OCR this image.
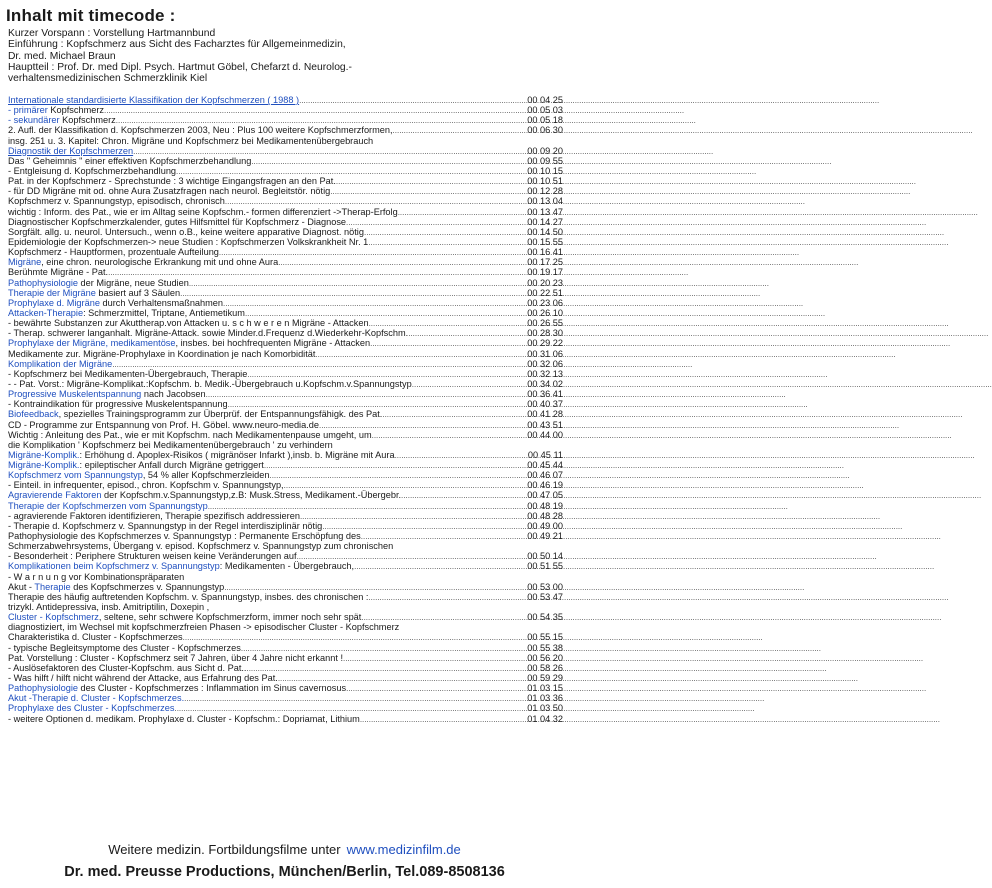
Inhalt mit timecode :
Kurzer Vorspann : Vorstellung Hartmannbund
Einführung : Kopfschmerz aus Sicht des Facharztes für Allgemeinmedizin,
Dr. med. Michael Braun
Hauptteil : Prof. Dr. med Dipl. Psych. Hartmut Göbel, Chefarzt d. Neurolog.-
verhaltensmedizinischen Schmerzklinik Kiel
Internationale standardisierte Klassifikation der Kopfschmerzen ( 1988 ) .....	00 04 25
- primärer Kopfschmerz .....	00 05 03
- sekundärer Kopfschmerz .....	00 05 18
2. Aufl. der Klassifikation d. Kopfschmerzen 2003, Neu : Plus 100 weitere Kopfschmerzformen, .....	00 06 30
insg. 251 u. 3. Kapitel: Chron. Migräne und Kopfschmerz bei Medikamentenübergebrauch
Diagnostik der Kopfschmerzen .....	00 09 20
Das " Geheimnis " einer effektiven Kopfschmerzbehandlung .....	00 09 55
- Entgleisung d. Kopfschmerzbehandlung .....	00 10 15
Pat. in der Kopfschmerz - Sprechstunde : 3 wichtige Eingangsfragen an den Pat. .....	00 10 51
- für DD Migräne mit od. ohne Aura Zusatzfragen nach neurol. Begleitstör. nötig .....	00 12 28
Kopfschmerz v. Spannungstyp, episodisch, chronisch .....	00 13 04
wichtig : Inform. des Pat., wie er im Alltag seine Kopfschm.- formen differenziert ->Therap-Erfolg .....	00 13 47
Diagnostischer Kopfschmerzkalender, gutes Hilfsmittel für Kopfschmerz - Diagnose .....	00 14 27
Sorgfält. allg. u. neurol. Untersuch., wenn o.B., keine weitere apparative Diagnost. nötig .....	00 14 50
Epidemiologie der Kopfschmerzen-> neue Studien : Kopfschmerzen Volkskrankheit Nr. 1 .....	00 15 55
Kopfschmerz - Hauptformen, prozentuale Aufteilung .....	00 16 41
Migräne, eine chron. neurologische Erkrankung mit und ohne Aura .....	00 17 25
Berühmte Migräne - Pat. .....	00 19 17
Pathophysiologie der Migräne, neue Studien .....	00 20 23
Therapie der Migräne basiert auf 3 Säulen .....	00 22 51
Prophylaxe d. Migräne durch Verhaltensmaßnahmen .....	00 23 06
Attacken-Therapie: Schmerzmittel, Triptane, Antiemetikum .....	00 26 10
- bewährte Substanzen zur Akuttherap.von Attacken u. s c h w e r e n Migräne - Attacken .....	00 26 55
- Therap. schwerer langanhalt. Migräne-Attack. sowie Minder.d.Frequenz d.Wiederkehr-Kopfschm. .....	00 28 30
Prophylaxe der Migräne, medikamentöse, insbes. bei hochfrequenten Migräne - Attacken .....	00 29 22
Medikamente zur. Migräne-Prophylaxe in Koordination je nach Komorbidität .....	00 31 06
Komplikation der Migräne .....	00 32 06
- Kopfschmerz bei Medikamenten-Übergebrauch, Therapie .....	00 32 13
- - Pat. Vorst.: Migräne-Komplikat.:Kopfschm. b. Medik.-Übergebrauch u.Kopfschm.v.Spannungstyp .....	00 34 02
Progressive Muskelentspannung nach Jacobsen .....	00 36 41
- Kontraindikation für progressive Muskelentspannung .....	00 40 37
Biofeedback, spezielles Trainingsprogramm zur Überprüf. der Entspannungsfähigk. des Pat. .....	00 41 28
CD - Programme zur Entspannung von Prof. H. Göbel. www.neuro-media.de .....	00 43 51
Wichtig : Anleitung des Pat., wie er mit Kopfschm. nach Medikamentenpause umgeht, um .....	00 44 00
die Komplikation ' Kopfschmerz bei Medikamentenübergebrauch ' zu verhindern
Migräne-Komplik.: Erhöhung d. Apoplex-Risikos ( migränöser Infarkt ),insb. b. Migräne mit Aura .....	00 45 11
Migräne-Komplik.: epileptischer Anfall durch Migräne getriggert .....	00 45 44
Kopfschmerz vom Spannungstyp, 54 % aller Kopfschmerzleiden .....	00 46 07
- Einteil. in infrequenter, episod., chron. Kopfschm v. Spannungstyp, .....	00 46 19
Agravierende Faktoren der Kopfschm.v.Spannungstyp,z.B: Musk.Stress, Medikament.-Übergebr. .....	00 47 05
Therapie der Kopfschmerzen vom Spannungstyp .....	00 48 19
- agravierende Faktoren identifizieren, Therapie spezifisch addressieren .....	00 48 28
- Therapie d. Kopfschmerz v. Spannungstyp in der Regel interdisziplinär nötig .....	00 49 00
Pathophysiologie des Kopfschmerzes v. Spannungstyp : Permanente Erschöpfung des .....	00 49 21
Schmerzabwehrsystems, Übergang v. episod. Kopfschmerz v. Spannungstyp zum chronischen
- Besonderheit : Periphere Strukturen weisen keine Veränderungen auf .....	00 50 14
Komplikationen beim Kopfschmerz v. Spannungstyp: Medikamenten - Übergebrauch, .....	00 51 55
- W a r n u n g vor Kombinationspräparaten
Akut - Therapie des Kopfschmerzes v. Spannungstyp .....	00 53 00
Therapie des häufig auftretenden Kopfschm. v. Spannungstyp, insbes. des chronischen : .....	00 53 47
trizykl. Antidepressiva, insb. Amitriptilin, Doxepin ,
Cluster - Kopfschmerz, seltene, sehr schwere Kopfschmerzform, immer noch sehr spät .....	00 54 35
diagnostiziert, im Wechsel mit kopfschmerzfreien Phasen -> episodischer Cluster - Kopfschmerz
Charakteristika d. Cluster - Kopfschmerzes .....	00 55 15
- typische Begleitsymptome des Cluster - Kopfschmerzes .....	00 55 38
Pat. Vorstellung : Cluster - Kopfschmerz seit 7 Jahren, über 4 Jahre nicht erkannt ! .....	00 56 20
- Auslösefaktoren des Cluster-Kopfschm. aus Sicht d. Pat.. .....	00 58 26
- Was hilft / hilft nicht während der Attacke, aus Erfahrung des Pat. .....	00 59 29
Pathophysiologie des Cluster - Kopfschmerzes : Inflammation im Sinus cavernosus .....	01 03 15
Akut -Therapie d. Cluster - Kopfschmerzes. .....	01 03 36
Prophylaxe des Cluster - Kopfschmerzes .....	01 03 50
- weitere Optionen d. medikam. Prophylaxe d. Cluster - Kopfschm.: Dopriamat, Lithium .....	01 04 32
Weitere medizin. Fortbildungsfilme unter www.medizinfilm.de
Dr. med. Preusse Productions, München/Berlin, Tel.089-8508136
